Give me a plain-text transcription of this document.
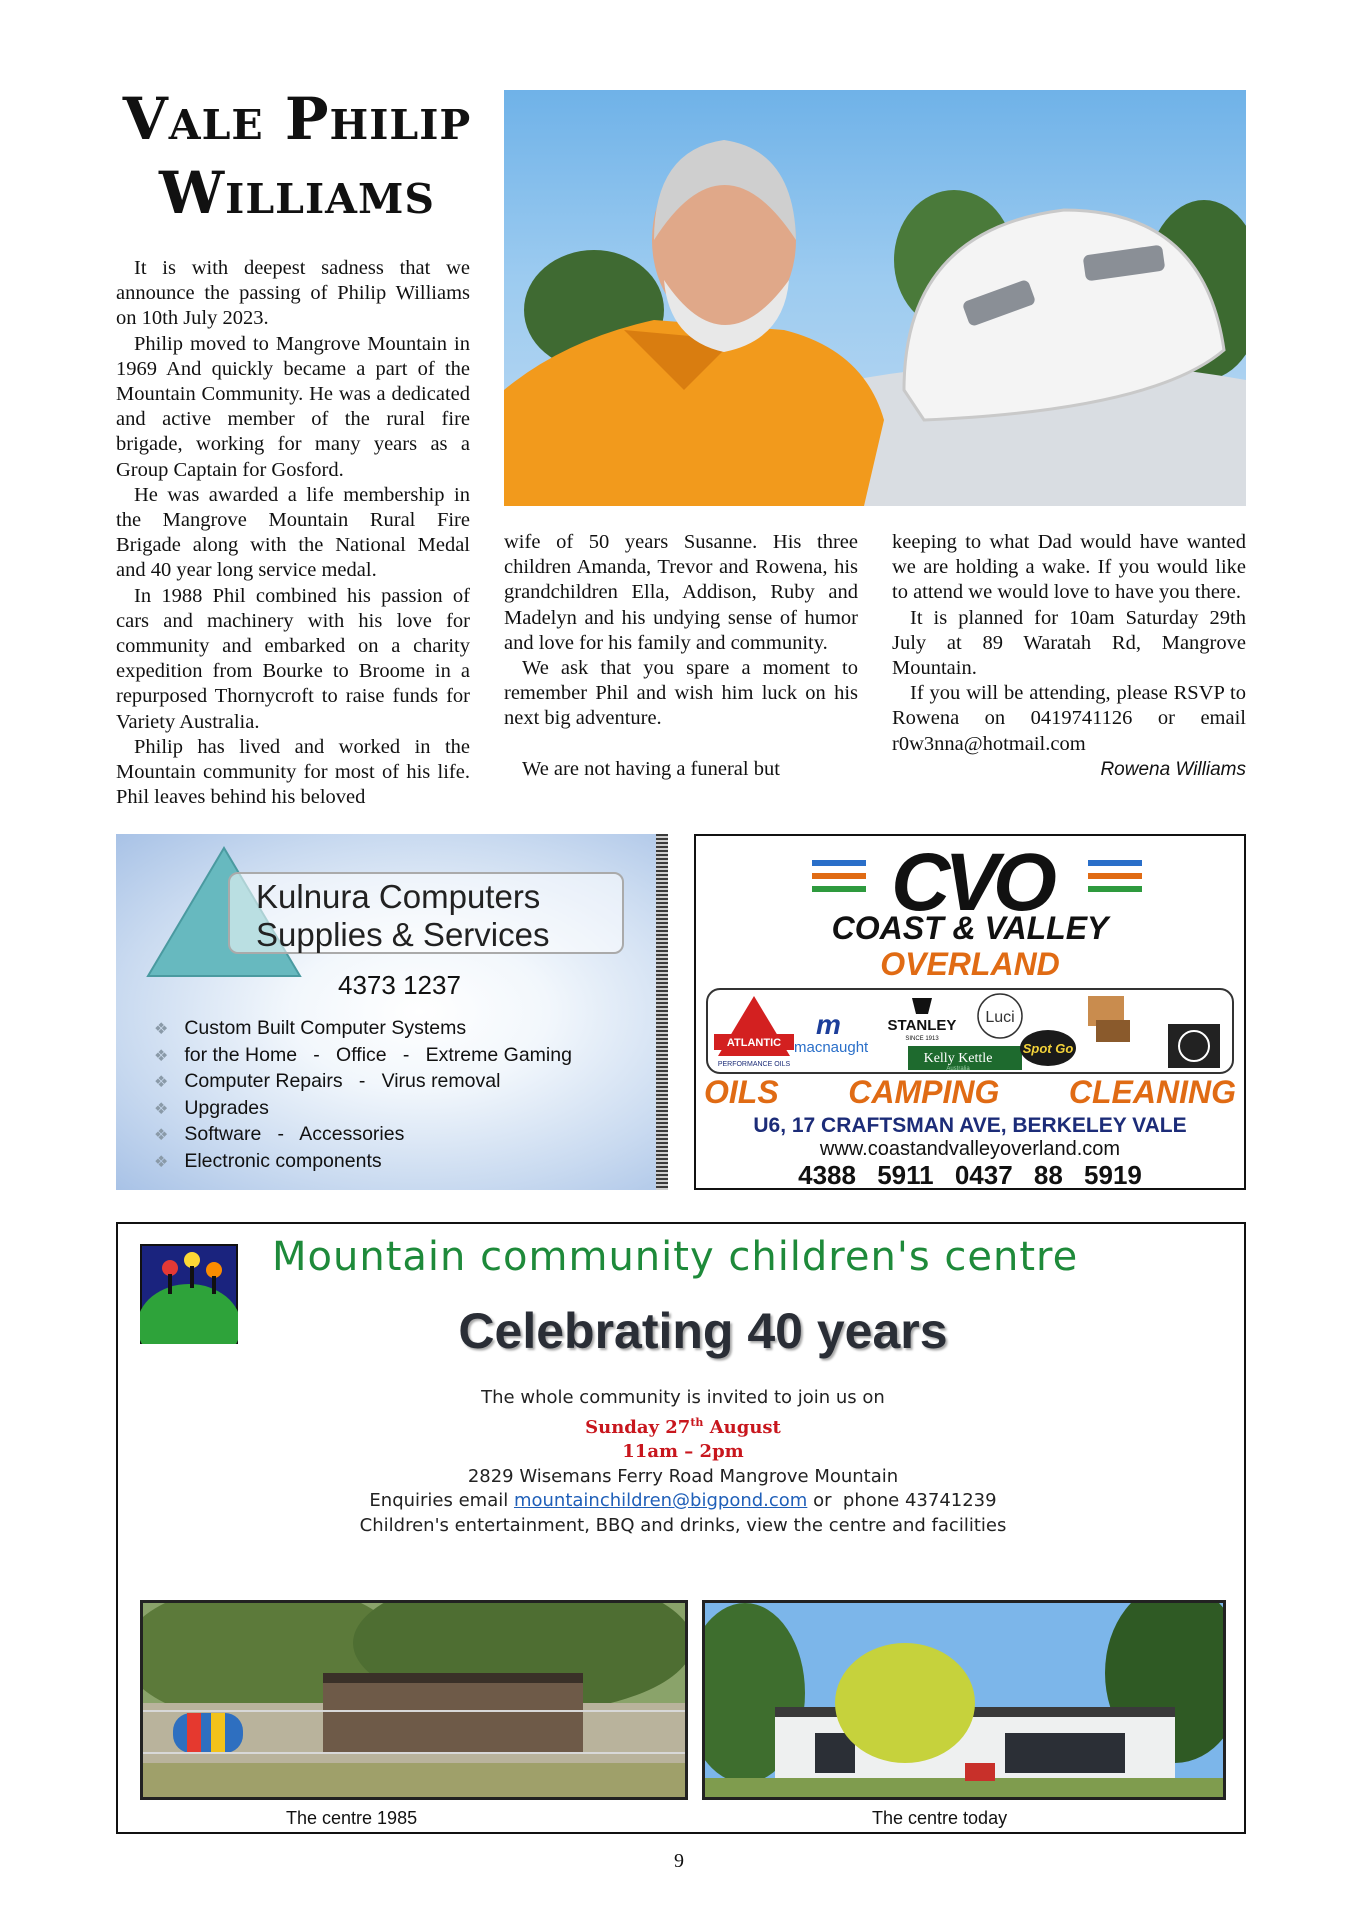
Vale Philip
Williams

It is with deepest sadness that we announce the passing of Philip Williams on 10th July 2023.

Philip moved to Mangrove Mountain in 1969 And quickly became a part of the Mountain Community. He was a dedicated and active member of the rural fire brigade, working for many years as a Group Captain for Gosford.

He was awarded a life membership in the Mangrove Mountain Rural Fire Brigade along with the National Medal and 40 year long service medal.

In 1988 Phil combined his passion of cars and machinery with his love for community and embarked on a charity expedition from Bourke to Broome in a repurposed Thornycroft to raise funds for Variety Australia.

Philip has lived and worked in the Mountain community for most of his life. Phil leaves behind his beloved

wife of 50 years Susanne. His three children Amanda, Trevor and Rowena, his grandchildren Ella, Addison, Ruby and Madelyn and his undying sense of humor and love for his family and community.

We ask that you spare a moment to remember Phil and wish him luck on his next big adventure.

We are not having a funeral but

keeping to what Dad would have wanted we are holding a wake. If you would like to attend we would love to have you there.

It is planned for 10am Saturday 29th July at 89 Waratah Rd, Mangrove Mountain.

If you will be attending, please RSVP to Rowena on 0419741126 or email r0w3nna@hotmail.com

Rowena Williams

Kulnura Computers
Supplies & Services
4373 1237
❖ Custom Built Computer Systems
❖ for the Home   -   Office   -   Extreme Gaming
❖ Computer Repairs   -   Virus removal
❖ Upgrades
❖ Software   -   Accessories
❖ Electronic components
CVO
COAST & VALLEY
OVERLAND
ATLANTIC
PERFORMANCE OILS
m
macnaught
STANLEY
SINCE 1913
Luci
Kelly Kettle
Australia
Spot Go
OILS CAMPING CLEANING
U6, 17 CRAFTSMAN AVE, BERKELEY VALE
www.coastandvalleyoverland.com
4388 5911 0437 88 5919
Mountain community children's centre
Celebrating 40 years
The whole community is invited to join us on
Sunday 27th August
11am – 2pm
2829 Wisemans Ferry Road Mangrove Mountain
Enquiries email mountainchildren@bigpond.com or  phone 43741239
Children's entertainment, BBQ and drinks, view the centre and facilities
The centre 1985	The centre today
9
